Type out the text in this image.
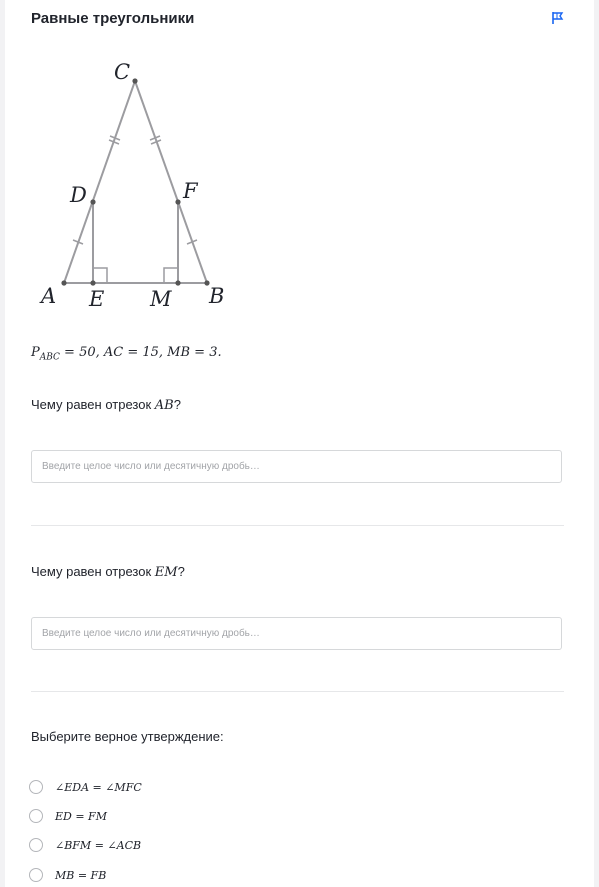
Равные треугольники
C
D	F
A E M B
$P_{ABC} = 50$, AC = 15, MB = 3.
Чему равен отрезок AB?
Введите целое число или десятичную дробь…
Чему равен отрезок EM?
Введите целое число или десятичную дробь…
Выберите верное утверждение:
∠EDA = ∠MFC
ED = FM
∠BFM = ∠ACB
MB = FB
